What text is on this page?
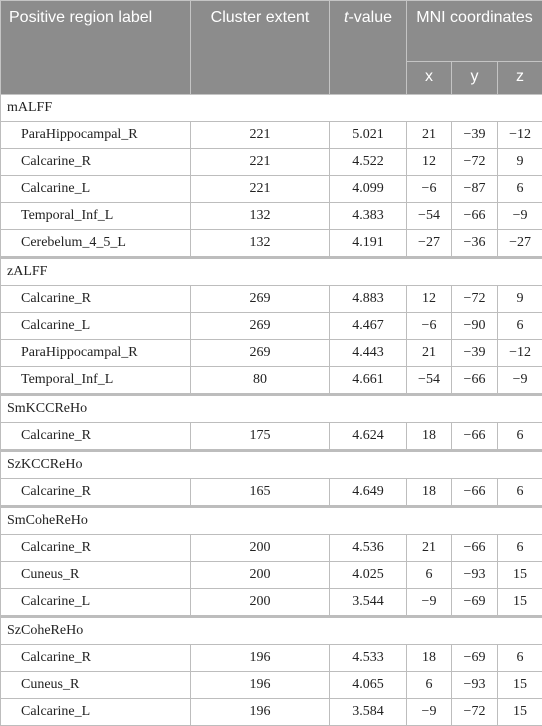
Positive region label	Cluster extent	t-value	MNI coordinates		
			x	y	z
mALFF					
ParaHippocampal_R	221	5.021	21	−39	−12
Calcarine_R	221	4.522	12	−72	9
Calcarine_L	221	4.099	−6	−87	6
Temporal_Inf_L	132	4.383	−54	−66	−9
Cerebelum_4_5_L	132	4.191	−27	−36	−27
zALFF					
Calcarine_R	269	4.883	12	−72	9
Calcarine_L	269	4.467	−6	−90	6
ParaHippocampal_R	269	4.443	21	−39	−12
Temporal_Inf_L	80	4.661	−54	−66	−9
SmKCCReHo					
Calcarine_R	175	4.624	18	−66	6
SzKCCReHo					
Calcarine_R	165	4.649	18	−66	6
SmCoheReHo					
Calcarine_R	200	4.536	21	−66	6
Cuneus_R	200	4.025	6	−93	15
Calcarine_L	200	3.544	−9	−69	15
SzCoheReHo					
Calcarine_R	196	4.533	18	−69	6
Cuneus_R	196	4.065	6	−93	15
Calcarine_L	196	3.584	−9	−72	15
